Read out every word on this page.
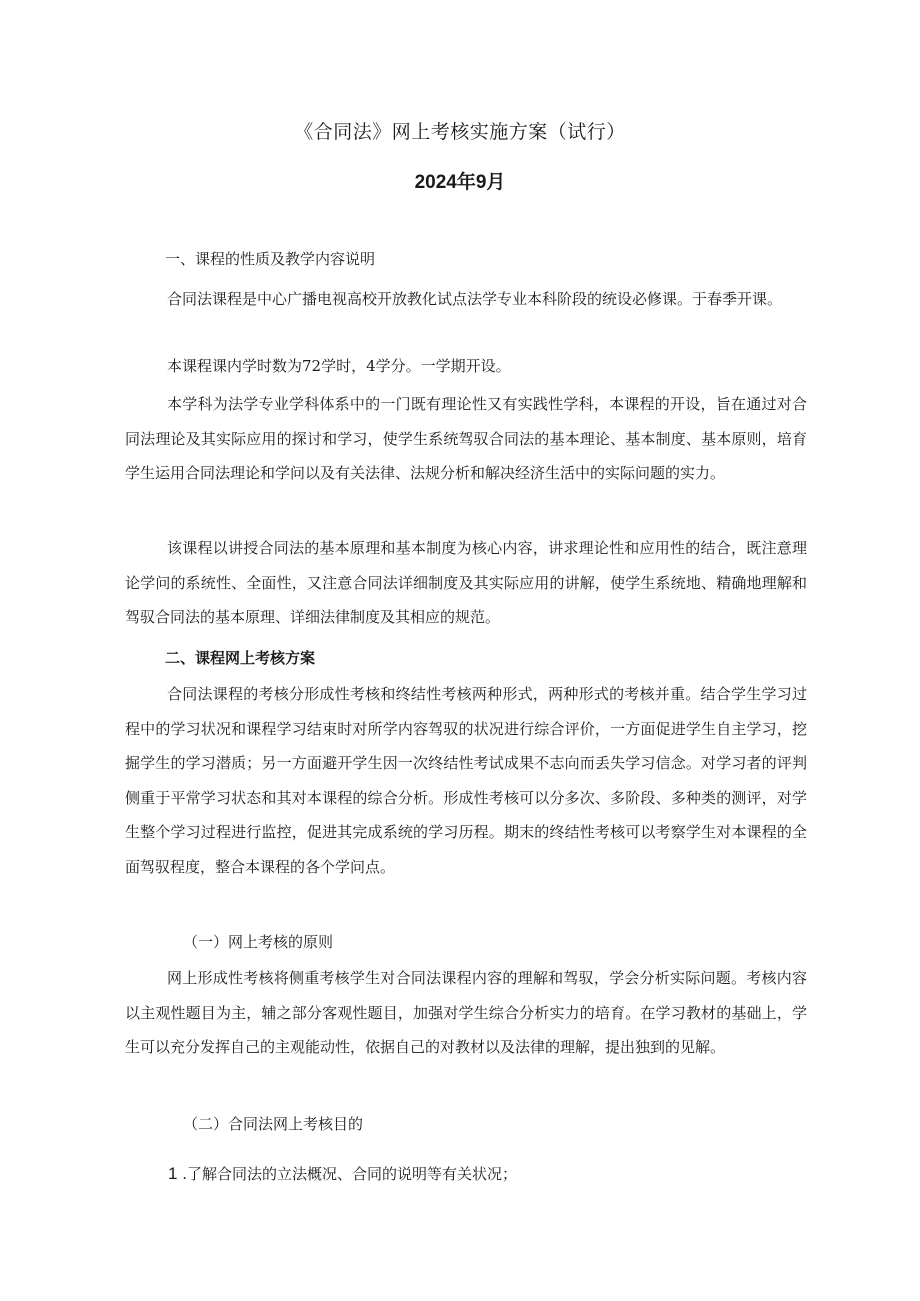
《合同法》网上考核实施方案（试行）
2024年9月

一、课程的性质及教学内容说明

合同法课程是中心广播电视高校开放教化试点法学专业本科阶段的统设必修课。于春季开课。

本课程课内学时数为72学时，4学分。一学期开设。

本学科为法学专业学科体系中的一门既有理论性又有实践性学科，本课程的开设，旨在通过对合同法理论及其实际应用的探讨和学习，使学生系统驾驭合同法的基本理论、基本制度、基本原则，培育学生运用合同法理论和学问以及有关法律、法规分析和解决经济生活中的实际问题的实力。

该课程以讲授合同法的基本原理和基本制度为核心内容，讲求理论性和应用性的结合，既注意理论学问的系统性、全面性，又注意合同法详细制度及其实际应用的讲解，使学生系统地、精确地理解和驾驭合同法的基本原理、详细法律制度及其相应的规范。

二、课程网上考核方案

合同法课程的考核分形成性考核和终结性考核两种形式，两种形式的考核并重。结合学生学习过程中的学习状况和课程学习结束时对所学内容驾驭的状况进行综合评价，一方面促进学生自主学习，挖掘学生的学习潜质；另一方面避开学生因一次终结性考试成果不志向而丢失学习信念。对学习者的评判侧重于平常学习状态和其对本课程的综合分析。形成性考核可以分多次、多阶段、多种类的测评，对学生整个学习过程进行监控，促进其完成系统的学习历程。期末的终结性考核可以考察学生对本课程的全面驾驭程度，整合本课程的各个学问点。

（一）网上考核的原则

网上形成性考核将侧重考核学生对合同法课程内容的理解和驾驭，学会分析实际问题。考核内容以主观性题目为主，辅之部分客观性题目，加强对学生综合分析实力的培育。在学习教材的基础上，学生可以充分发挥自己的主观能动性，依据自己的对教材以及法律的理解，提出独到的见解。

（二）合同法网上考核目的

1 .了解合同法的立法概况、合同的说明等有关状况；
